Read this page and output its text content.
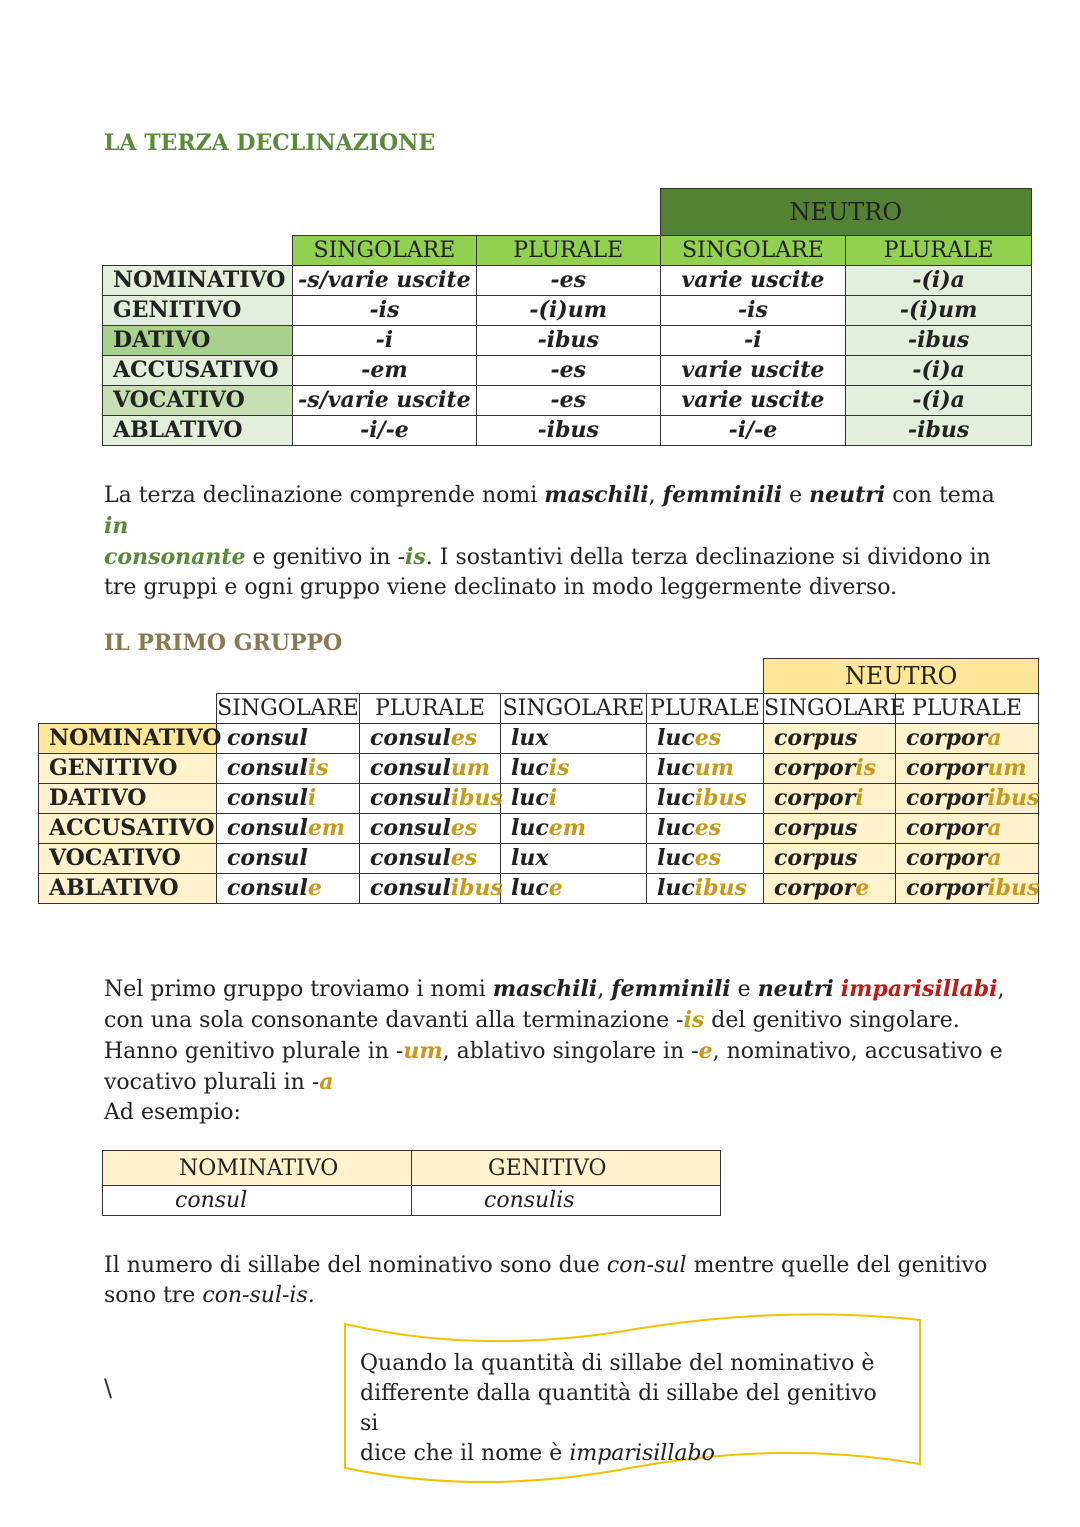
LA TERZA DECLINAZIONE
			NEUTRO	
	SINGOLARE	PLURALE	SINGOLARE	PLURALE
NOMINATIVO	-s/varie uscite	-es	varie uscite	-(i)a
GENITIVO	-is	-(i)um	-is	-(i)um
DATIVO	-i	-ibus	-i	-ibus
ACCUSATIVO	-em	-es	varie uscite	-(i)a
VOCATIVO	-s/varie uscite	-es	varie uscite	-(i)a
ABLATIVO	-i/-e	-ibus	-i/-e	-ibus
La terza declinazione comprende nomi maschili, femminili e neutri con tema in
consonante e genitivo in -is. I sostantivi della terza declinazione si dividono in
tre gruppi e ogni gruppo viene declinato in modo leggermente diverso.
IL PRIMO GRUPPO
					NEUTRO	
	SINGOLARE	PLURALE	SINGOLARE	PLURALE	SINGOLARE	PLURALE
NOMINATIVO	consul	consules	lux	luces	corpus	corpora
GENITIVO	consulis	consulum	lucis	lucum	corporis	corporum
DATIVO	consuli	consulibus	luci	lucibus	corpori	corporibus
ACCUSATIVO	consulem	consules	lucem	luces	corpus	corpora
VOCATIVO	consul	consules	lux	luces	corpus	corpora
ABLATIVO	consule	consulibus	luce	lucibus	corpore	corporibus
Nel primo gruppo troviamo i nomi maschili, femminili e neutri imparisillabi,
con una sola consonante davanti alla terminazione -is del genitivo singolare.
Hanno genitivo plurale in -um, ablativo singolare in -e, nominativo, accusativo e
vocativo plurali in -a
Ad esempio:
NOMINATIVO	GENITIVO
consul	consulis
Il numero di sillabe del nominativo sono due con-sul mentre quelle del genitivo
sono tre con-sul-is.
\
Quando la quantità di sillabe del nominativo è
differente dalla quantità di sillabe del genitivo si
dice che il nome è imparisillabo
